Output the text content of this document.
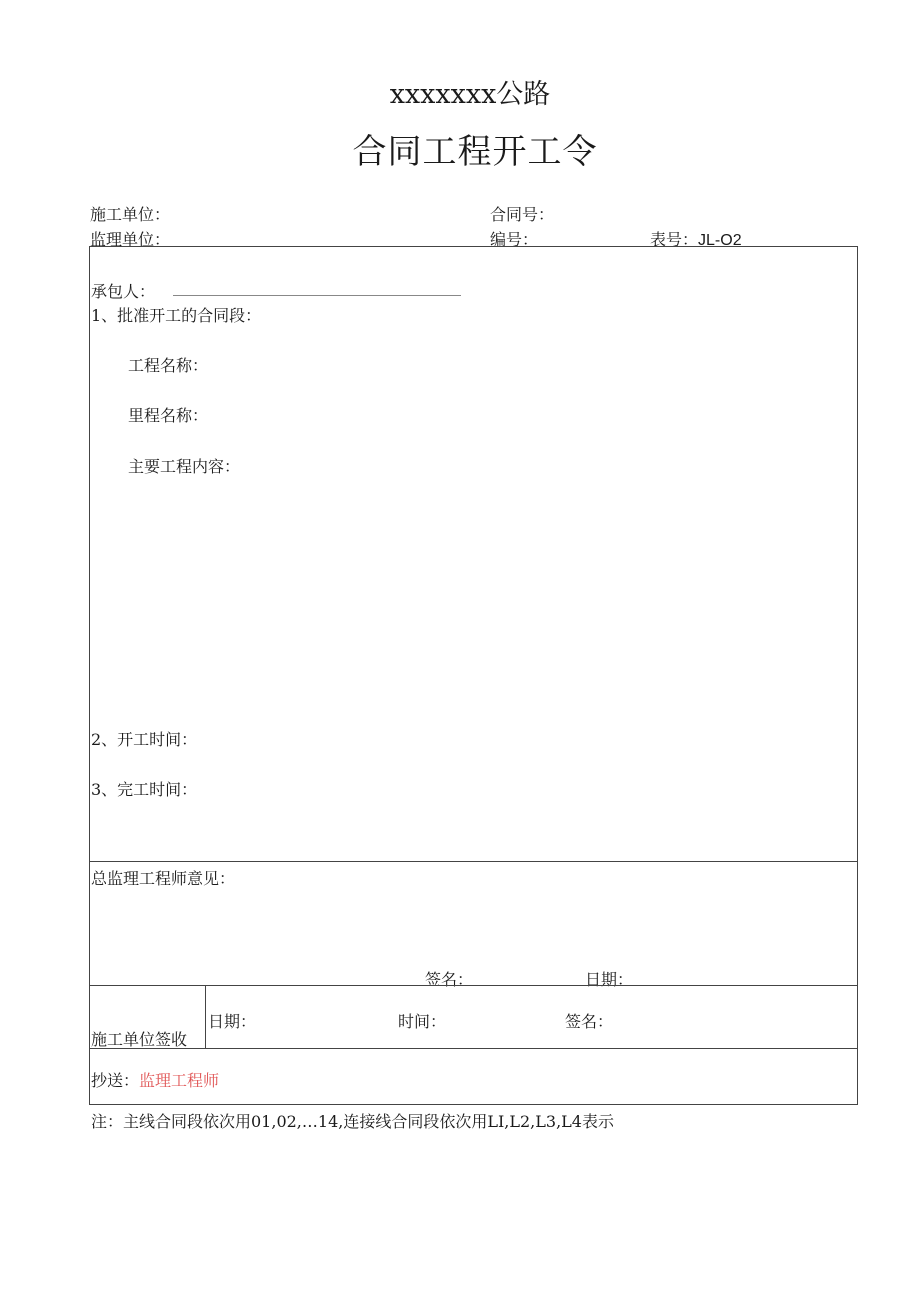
xxxxxxx公路
合同工程开工令
施工单位：	合同号：
监理单位：	编号：	表号：JL-O2
承包人：
1、批准开工的合同段：
工程名称：
里程名称：
主要工程内容：
2、开工时间：
3、完工时间：
总监理工程师意见：
签名：	日期：
施工单位签收
日期：	时间：	签名：
抄送：监理工程师
注：主线合同段依次用01,02,…14,连接线合同段依次用LI,L2,L3,L4表示
